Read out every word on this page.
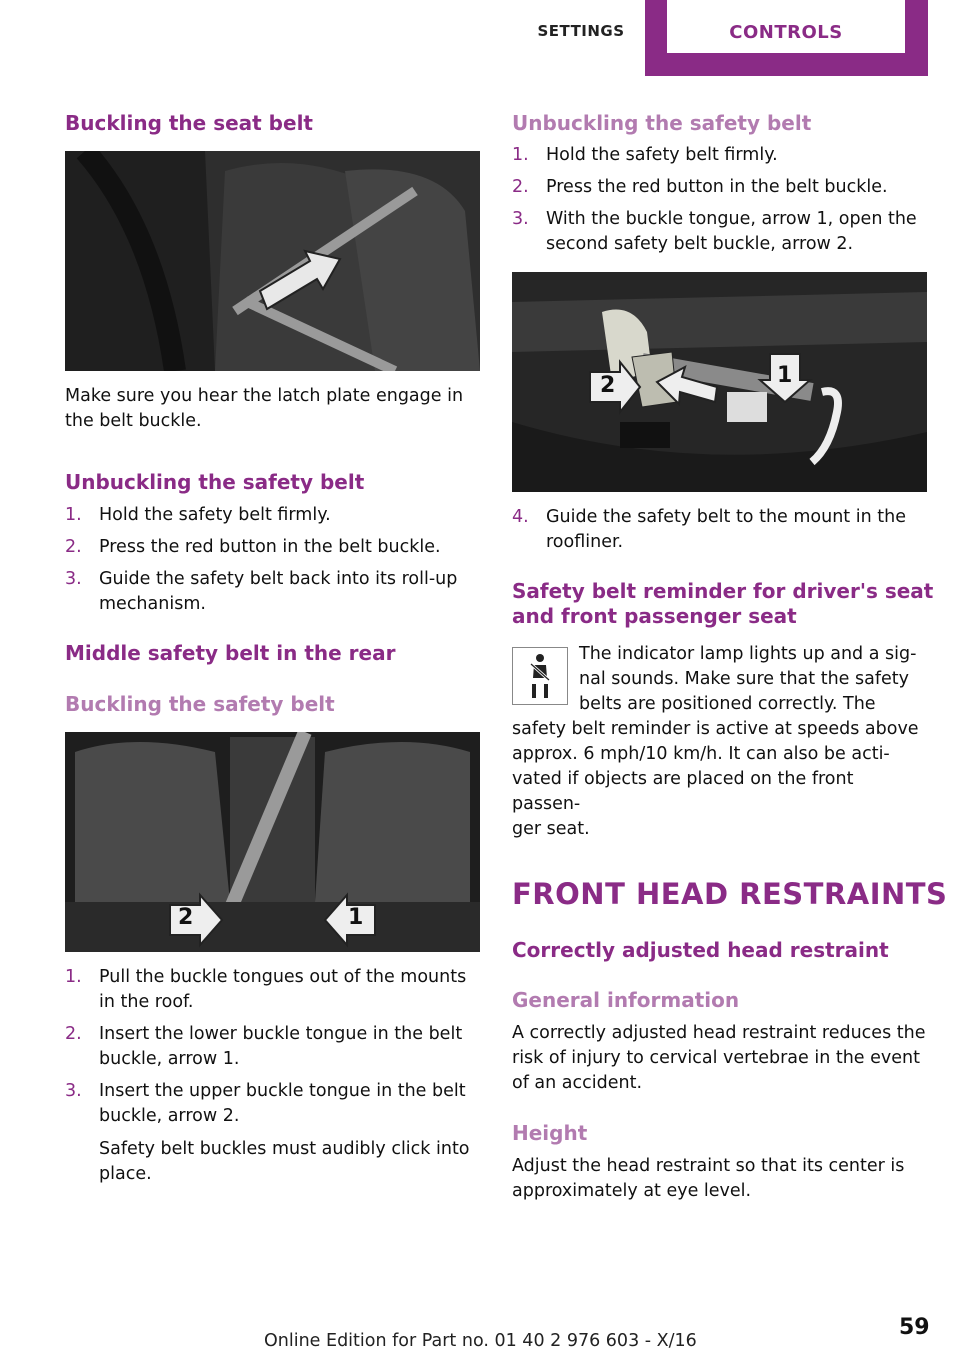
SETTINGS	CONTROLS
Buckling the seat belt
Make sure you hear the latch plate engage in
the belt buckle.
Unbuckling the safety belt
1. Hold the safety belt firmly.
2. Press the red button in the belt buckle.
3. Guide the safety belt back into its roll-up
mechanism.
Middle safety belt in the rear
Buckling the safety belt
2	1
1. Pull the buckle tongues out of the mounts
in the roof.
2. Insert the lower buckle tongue in the belt
buckle, arrow 1.
3. Insert the upper buckle tongue in the belt
buckle, arrow 2.
Safety belt buckles must audibly click into
place.
Unbuckling the safety belt
1. Hold the safety belt firmly.
2. Press the red button in the belt buckle.
3. With the buckle tongue, arrow 1, open the
second safety belt buckle, arrow 2.
2	1
4. Guide the safety belt to the mount in the
roofliner.
Safety belt reminder for driver's seat
and front passenger seat
The indicator lamp lights up and a sig‐
nal sounds. Make sure that the safety
belts are positioned correctly. The
safety belt reminder is active at speeds above
approx. 6 mph/10 km/h. It can also be acti‐
vated if objects are placed on the front passen‐
ger seat.
FRONT HEAD RESTRAINTS
Correctly adjusted head restraint
General information
A correctly adjusted head restraint reduces the
risk of injury to cervical vertebrae in the event
of an accident.
Height
Adjust the head restraint so that its center is
approximately at eye level.
Online Edition for Part no. 01 40 2 976 603 - X/16
59
